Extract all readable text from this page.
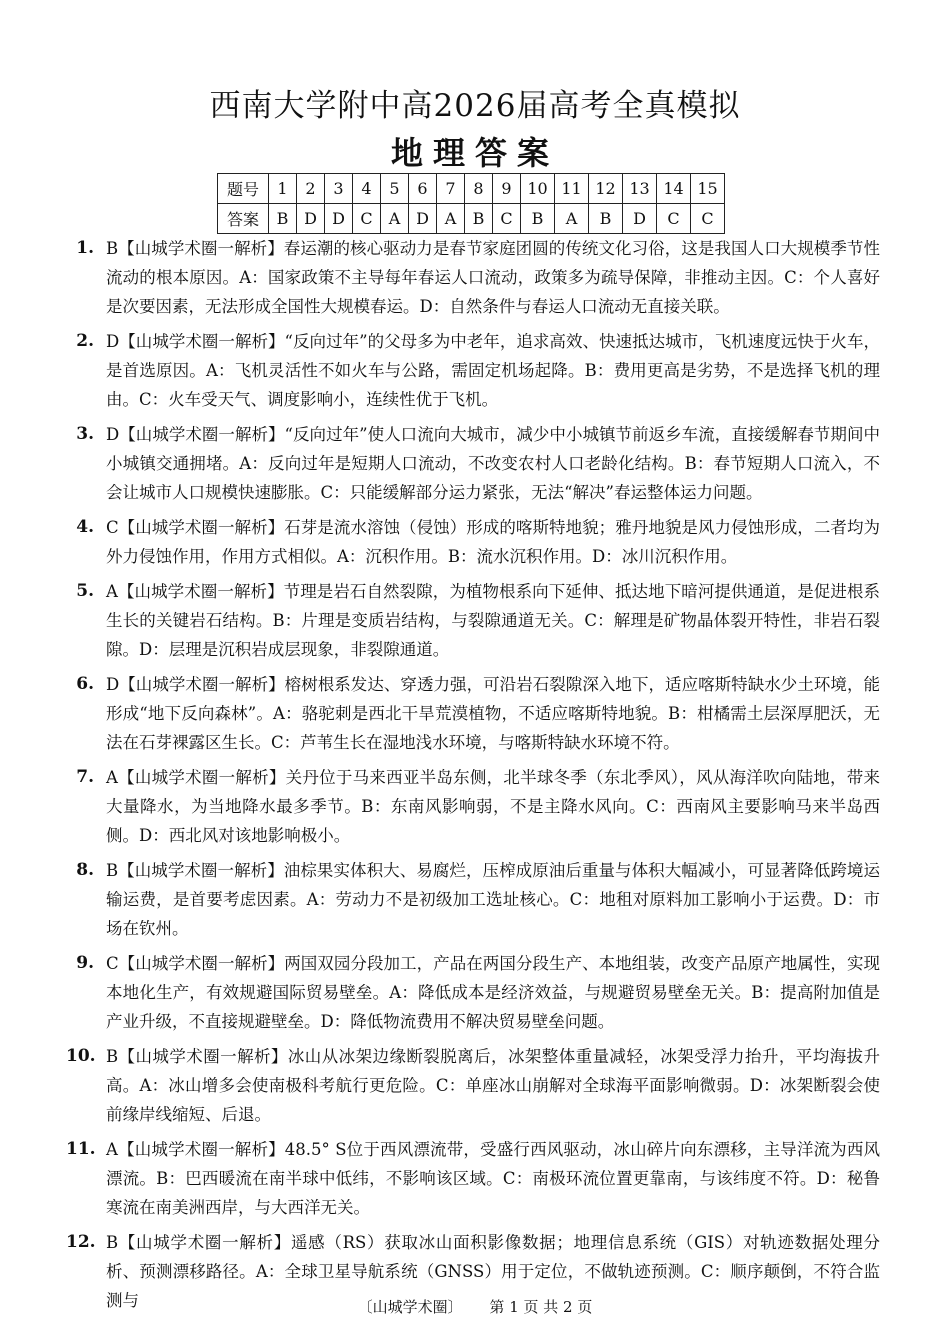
西南大学附中高2026届高考全真模拟
地理答案
题号	1	2	3	4	5	6	7	8	9	10	11	12	13	14	15
答案	B	D	D	C	A	D	A	B	C	B	A	B	D	C	C
1. B【山城学术圈一解析】春运潮的核心驱动力是春节家庭团圆的传统文化习俗，这是我国人口大规模季节性流动的根本原因。A：国家政策不主导每年春运人口流动，政策多为疏导保障，非推动主因。C：个人喜好是次要因素，无法形成全国性大规模春运。D：自然条件与春运人口流动无直接关联。
2. D【山城学术圈一解析】“反向过年”的父母多为中老年，追求高效、快速抵达城市，飞机速度远快于火车，是首选原因。A：飞机灵活性不如火车与公路，需固定机场起降。B：费用更高是劣势，不是选择飞机的理由。C：火车受天气、调度影响小，连续性优于飞机。
3. D【山城学术圈一解析】“反向过年”使人口流向大城市，减少中小城镇节前返乡车流，直接缓解春节期间中小城镇交通拥堵。A：反向过年是短期人口流动，不改变农村人口老龄化结构。B：春节短期人口流入，不会让城市人口规模快速膨胀。C：只能缓解部分运力紧张，无法“解决”春运整体运力问题。
4. C【山城学术圈一解析】石芽是流水溶蚀（侵蚀）形成的喀斯特地貌；雅丹地貌是风力侵蚀形成，二者均为外力侵蚀作用，作用方式相似。A：沉积作用。B：流水沉积作用。D：冰川沉积作用。
5. A【山城学术圈一解析】节理是岩石自然裂隙，为植物根系向下延伸、抵达地下暗河提供通道，是促进根系生长的关键岩石结构。B：片理是变质岩结构，与裂隙通道无关。C：解理是矿物晶体裂开特性，非岩石裂隙。D：层理是沉积岩成层现象，非裂隙通道。
6. D【山城学术圈一解析】榕树根系发达、穿透力强，可沿岩石裂隙深入地下，适应喀斯特缺水少土环境，能形成“地下反向森林”。A：骆驼刺是西北干旱荒漠植物，不适应喀斯特地貌。B：柑橘需土层深厚肥沃，无法在石芽裸露区生长。C：芦苇生长在湿地浅水环境，与喀斯特缺水环境不符。
7. A【山城学术圈一解析】关丹位于马来西亚半岛东侧，北半球冬季（东北季风），风从海洋吹向陆地，带来大量降水，为当地降水最多季节。B：东南风影响弱，不是主降水风向。C：西南风主要影响马来半岛西侧。D：西北风对该地影响极小。
8. B【山城学术圈一解析】油棕果实体积大、易腐烂，压榨成原油后重量与体积大幅减小，可显著降低跨境运输运费，是首要考虑因素。A：劳动力不是初级加工选址核心。C：地租对原料加工影响小于运费。D：市场在钦州。
9. C【山城学术圈一解析】两国双园分段加工，产品在两国分段生产、本地组装，改变产品原产地属性，实现本地化生产，有效规避国际贸易壁垒。A：降低成本是经济效益，与规避贸易壁垒无关。B：提高附加值是产业升级，不直接规避壁垒。D：降低物流费用不解决贸易壁垒问题。
10. B【山城学术圈一解析】冰山从冰架边缘断裂脱离后，冰架整体重量减轻，冰架受浮力抬升，平均海拔升高。A：冰山增多会使南极科考航行更危险。C：单座冰山崩解对全球海平面影响微弱。D：冰架断裂会使前缘岸线缩短、后退。
11. A【山城学术圈一解析】48.5° S位于西风漂流带，受盛行西风驱动，冰山碎片向东漂移，主导洋流为西风漂流。B：巴西暖流在南半球中低纬，不影响该区域。C：南极环流位置更靠南，与该纬度不符。D：秘鲁寒流在南美洲西岸，与大西洋无关。
12. B【山城学术圈一解析】遥感（RS）获取冰山面积影像数据；地理信息系统（GIS）对轨迹数据处理分析、预测漂移路径。A：全球卫星导航系统（GNSS）用于定位，不做轨迹预测。C：顺序颠倒，不符合监测与	〔山城学术圈〕 第 1 页 共 2 页
